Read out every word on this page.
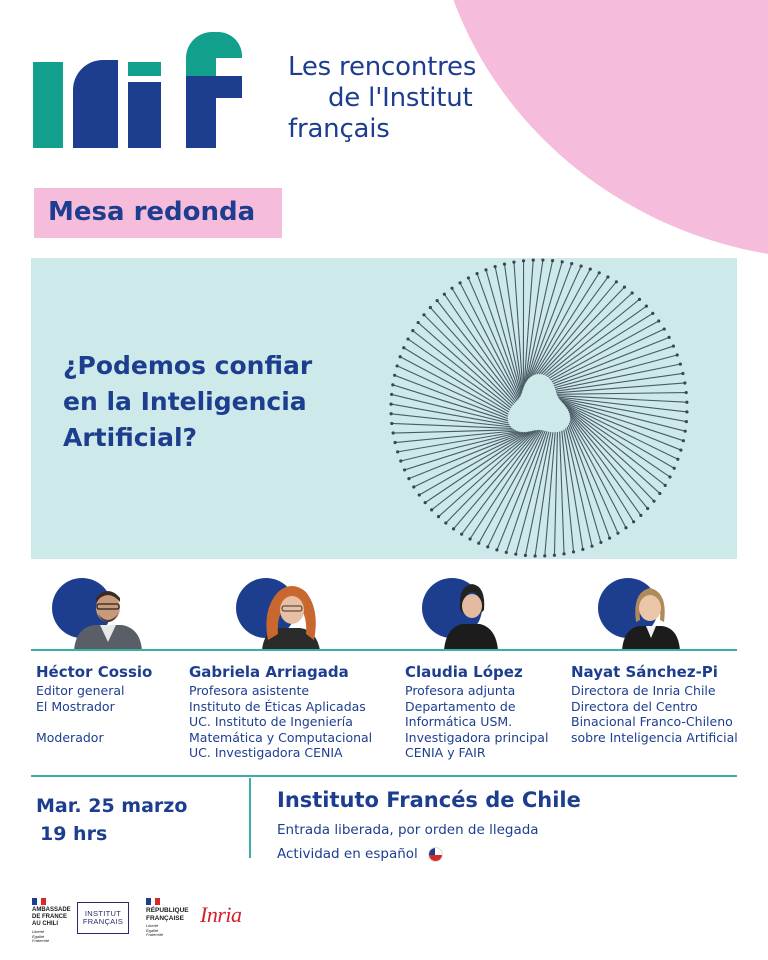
Les rencontres
de l'Institut
français
Mesa redonda
¿Podemos confiar
en la Inteligencia
Artificial?
Héctor Cossio
Editor general
El Mostrador

Moderador
Gabriela Arriagada
Profesora asistente
Instituto de Éticas Aplicadas
UC. Instituto de Ingeniería
Matemática y Computacional
UC. Investigadora CENIA
Claudia López
Profesora adjunta
Departamento de
Informática USM.
Investigadora principal
CENIA y FAIR
Nayat Sánchez-Pi
Directora de Inria Chile
Directora del Centro
Binacional Franco-Chileno
sobre Inteligencia Artificial
Mar. 25 marzo
19 hrs
Instituto Francés de Chile
Entrada liberada, por orden de llegada
Actividad en español
AMBASSADE
DE FRANCE
AU CHILI
Liberté
Égalité
Fraternité
INSTITUT
FRANÇAIS
RÉPUBLIQUE
FRANÇAISE
Liberté
Égalité
Fraternité
Inria
